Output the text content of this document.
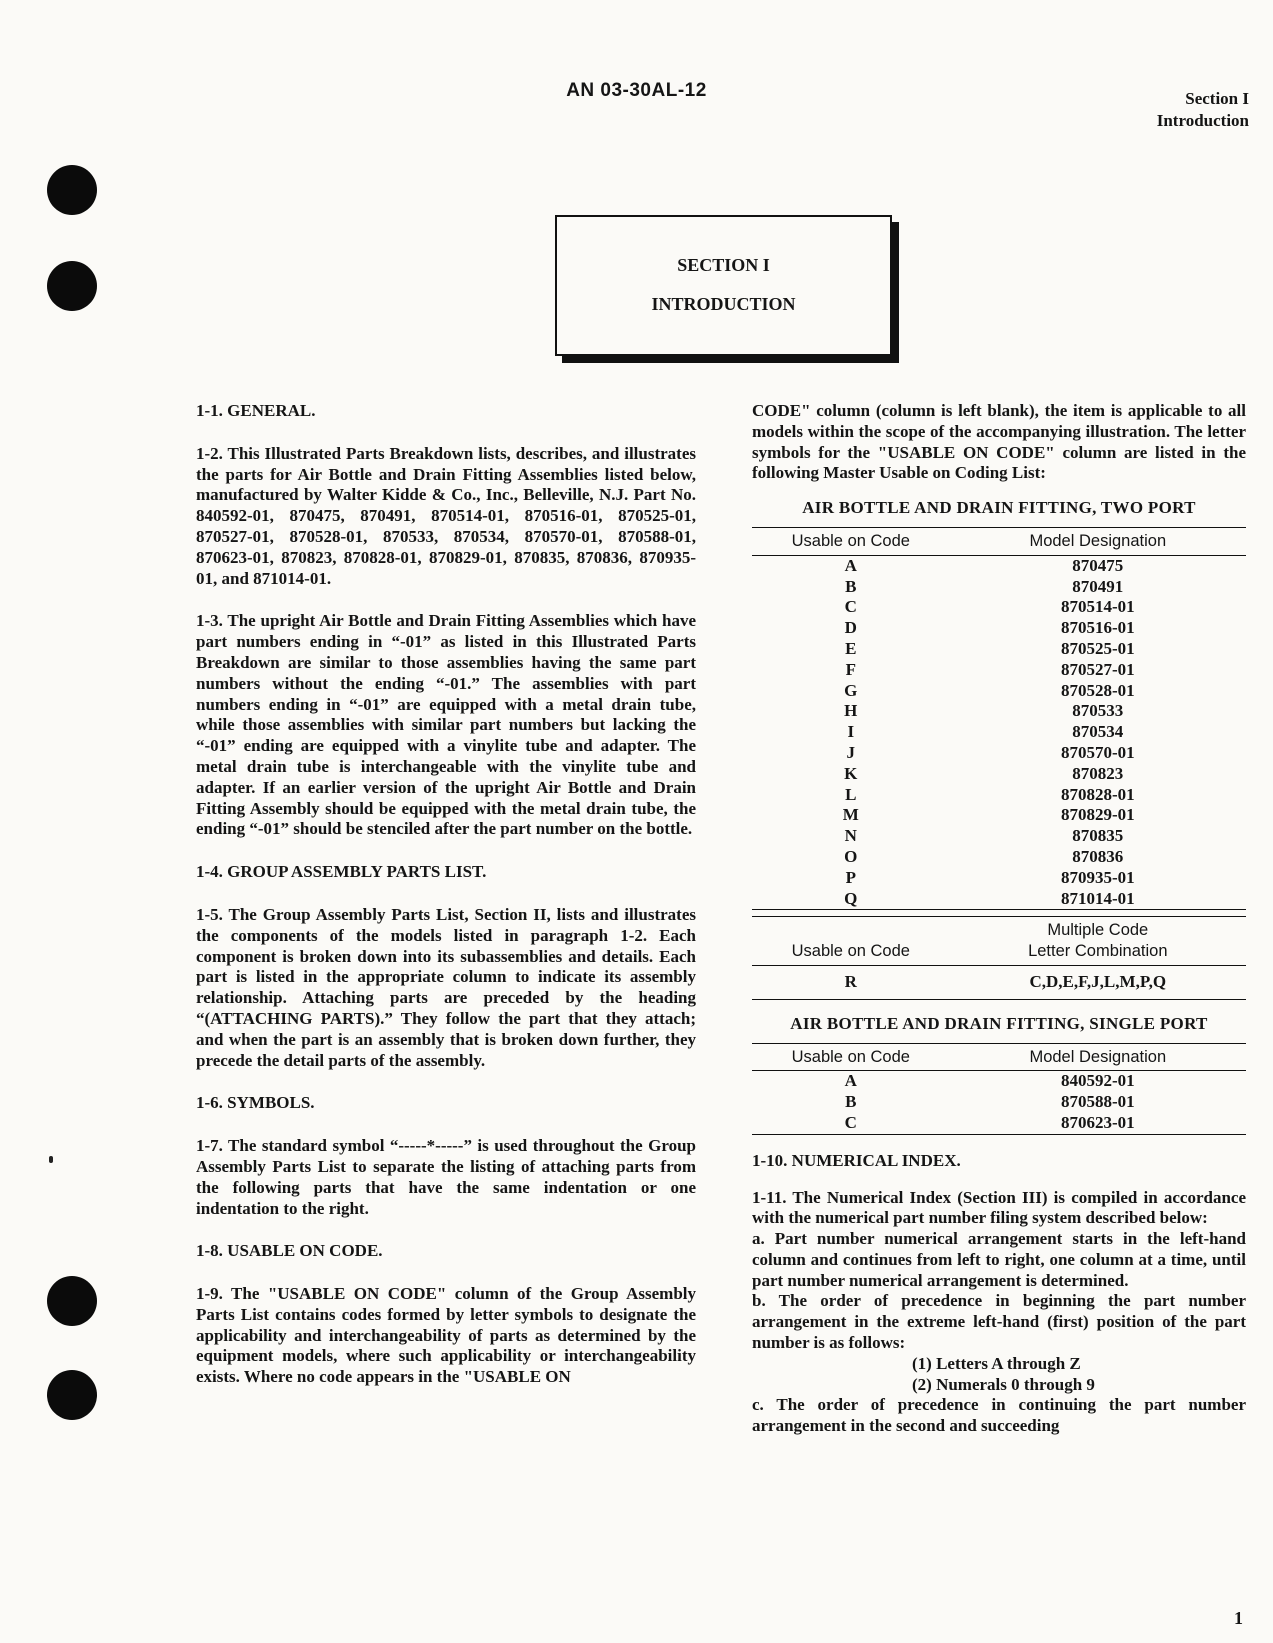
AN 03-30AL-12	Section I
Introduction
SECTION I
INTRODUCTION

1-1. GENERAL.

1-2. This Illustrated Parts Breakdown lists, describes, and illustrates the parts for Air Bottle and Drain Fitting Assemblies listed below, manufactured by Walter Kidde & Co., Inc., Belleville, N.J. Part No. 840592-01, 870475, 870491, 870514-01, 870516-01, 870525-01, 870527-01, 870528-01, 870533, 870534, 870570-01, 870588-01, 870623-01, 870823, 870828-01, 870829-01, 870835, 870836, 870935-01, and 871014-01.

1-3. The upright Air Bottle and Drain Fitting Assemblies which have part numbers ending in “-01” as listed in this Illustrated Parts Breakdown are similar to those assemblies having the same part numbers without the ending “-01.” The assemblies with part numbers ending in “-01” are equipped with a metal drain tube, while those assemblies with similar part numbers but lacking the “-01” ending are equipped with a vinylite tube and adapter. The metal drain tube is interchangeable with the vinylite tube and adapter. If an earlier version of the upright Air Bottle and Drain Fitting Assembly should be equipped with the metal drain tube, the ending “-01” should be stenciled after the part number on the bottle.

1-4. GROUP ASSEMBLY PARTS LIST.

1-5. The Group Assembly Parts List, Section II, lists and illustrates the components of the models listed in paragraph 1-2. Each component is broken down into its subassemblies and details. Each part is listed in the appropriate column to indicate its assembly relationship. Attaching parts are preceded by the heading “(ATTACHING PARTS).” They follow the part that they attach; and when the part is an assembly that is broken down further, they precede the detail parts of the assembly.

1-6. SYMBOLS.

1-7. The standard symbol “-----*-----” is used throughout the Group Assembly Parts List to separate the listing of attaching parts from the following parts that have the same indentation or one indentation to the right.

1-8. USABLE ON CODE.

1-9. The "USABLE ON CODE" column of the Group Assembly Parts List contains codes formed by letter symbols to designate the applicability and interchangeability of parts as determined by the equipment models, where such applicability or interchangeability exists. Where no code appears in the "USABLE ON

CODE" column (column is left blank), the item is applicable to all models within the scope of the accompanying illustration. The letter symbols for the "USABLE ON CODE" column are listed in the following Master Usable on Coding List:

AIR BOTTLE AND DRAIN FITTING, TWO PORT
Usable on Code	Model Designation
A	870475
B	870491
C	870514-01
D	870516-01
E	870525-01
F	870527-01
G	870528-01
H	870533
I	870534
J	870570-01
K	870823
L	870828-01
M	870829-01
N	870835
O	870836
P	870935-01
Q	871014-01
Usable on Code	Multiple Code
Letter Combination

R	C,D,E,F,J,L,M,P,Q
AIR BOTTLE AND DRAIN FITTING, SINGLE PORT
Usable on Code	Model Designation
A	840592-01
B	870588-01
C	870623-01

1-10. NUMERICAL INDEX.

1-11. The Numerical Index (Section III) is compiled in accordance with the numerical part number filing system described below:

a. Part number numerical arrangement starts in the left-hand column and continues from left to right, one column at a time, until part number numerical arrangement is determined.

b. The order of precedence in beginning the part number arrangement in the extreme left-hand (first) position of the part number is as follows:

(1) Letters A through Z

(2) Numerals 0 through 9

c. The order of precedence in continuing the part number arrangement in the second and succeeding

1
